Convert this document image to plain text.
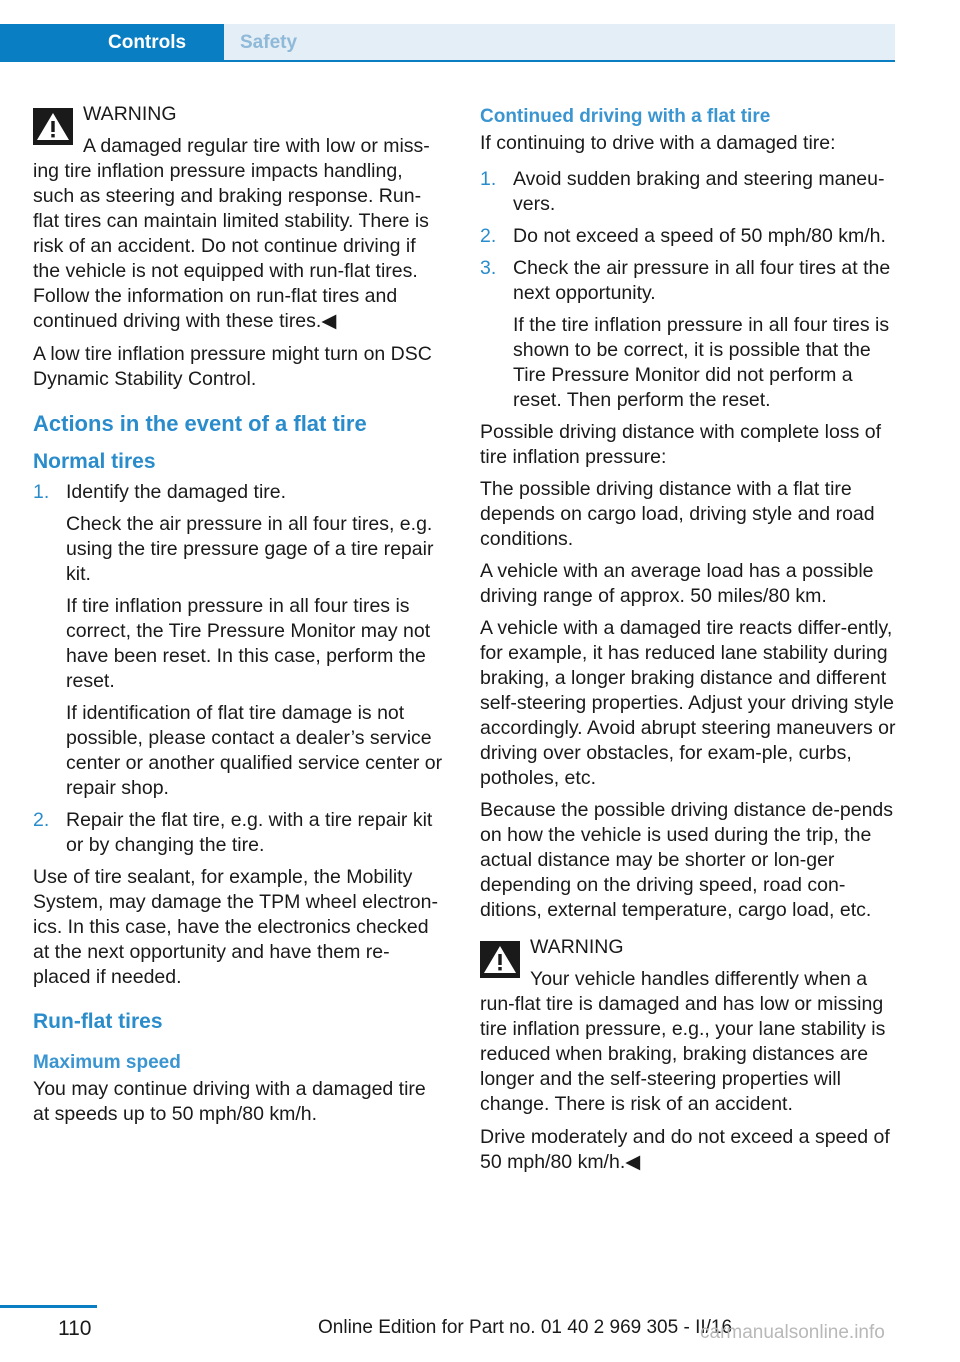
Controls	Safety
WARNING
A damaged regular tire with low or miss-
ing tire inflation pressure impacts handling, such as steering and braking response. Run-flat tires can maintain limited stability. There is risk of an accident. Do not continue driving if the vehicle is not equipped with run-flat tires. Follow the information on run-flat tires and continued driving with these tires.◀

A low tire inflation pressure might turn on DSC Dynamic Stability Control.

Actions in the event of a flat tire
Normal tires
1. Identify the damaged tire.

Check the air pressure in all four tires, e.g. using the tire pressure gage of a tire repair kit.

If tire inflation pressure in all four tires is correct, the Tire Pressure Monitor may not have been reset. In this case, perform the reset.

If identification of flat tire damage is not possible, please contact a dealer’s service center or another qualified service center or repair shop.

2. Repair the flat tire, e.g. with a tire repair kit or by changing the tire.

Use of tire sealant, for example, the Mobility System, may damage the TPM wheel electron-ics. In this case, have the electronics checked at the next opportunity and have them re-placed if needed.

Run-flat tires
Maximum speed

You may continue driving with a damaged tire at speeds up to 50 mph/80 km/h.

Continued driving with a flat tire

If continuing to drive with a damaged tire:

1. Avoid sudden braking and steering maneu-vers.

2. Do not exceed a speed of 50 mph/80 km/h.

3. Check the air pressure in all four tires at the next opportunity.

If the tire inflation pressure in all four tires is shown to be correct, it is possible that the Tire Pressure Monitor did not perform a reset. Then perform the reset.

Possible driving distance with complete loss of tire inflation pressure:

The possible driving distance with a flat tire depends on cargo load, driving style and road conditions.

A vehicle with an average load has a possible driving range of approx. 50 miles/80 km.

A vehicle with a damaged tire reacts differ-ently, for example, it has reduced lane stability during braking, a longer braking distance and different self-steering properties. Adjust your driving style accordingly. Avoid abrupt steering maneuvers or driving over obstacles, for exam-ple, curbs, potholes, etc.

Because the possible driving distance de-pends on how the vehicle is used during the trip, the actual distance may be shorter or lon-ger depending on the driving speed, road con-ditions, external temperature, cargo load, etc.

WARNING
Your vehicle handles differently when a
run-flat tire is damaged and has low or missing tire inflation pressure, e.g., your lane stability is reduced when braking, braking distances are longer and the self-steering properties will change. There is risk of an accident.

Drive moderately and do not exceed a speed of 50 mph/80 km/h.◀

110	Online Edition for Part no. 01 40 2 969 305 - II/16
carmanualsonline.info
